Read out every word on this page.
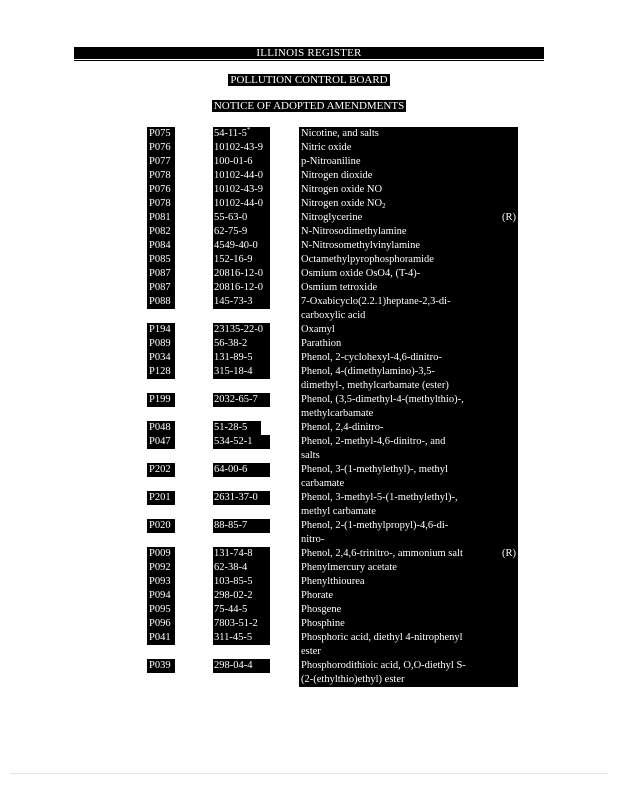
ILLINOIS REGISTER
POLLUTION CONTROL BOARD
NOTICE OF ADOPTED AMENDMENTS
P075	54-11-5*	Nicotine, and salts
P076	10102-43-9	Nitric oxide
P077	100-01-6	p-Nitroaniline
P078	10102-44-0	Nitrogen dioxide
P076	10102-43-9	Nitrogen oxide NO
P078	10102-44-0	Nitrogen oxide $NO_2$
P081	55-63-0	Nitroglycerine	(R)
P082	62-75-9	N-Nitrosodimethylamine
P084	4549-40-0	N-Nitrosomethylvinylamine
P085	152-16-9	Octamethylpyrophosphoramide
P087	20816-12-0	Osmium oxide OsO4, (T-4)-
P087	20816-12-0	Osmium tetroxide
P088	145-73-3	7-Oxabicyclo(2.2.1)heptane-2,3-di-
carboxylic acid
P194	23135-22-0	Oxamyl
P089	56-38-2	Parathion
P034	131-89-5	Phenol, 2-cyclohexyl-4,6-dinitro-
P128	315-18-4	Phenol, 4-(dimethylamino)-3,5-
dimethyl-, methylcarbamate (ester)
P199	2032-65-7	Phenol, (3,5-dimethyl-4-(methylthio)-,
methylcarbamate
P048	51-28-5	Phenol, 2,4-dinitro-
P047	534-52-1	Phenol, 2-methyl-4,6-dinitro-, and
salts
P202	64-00-6	Phenol, 3-(1-methylethyl)-, methyl
carbamate
P201	2631-37-0	Phenol, 3-methyl-5-(1-methylethyl)-,
methyl carbamate
P020	88-85-7	Phenol, 2-(1-methylpropyl)-4,6-di-
nitro-
P009	131-74-8	Phenol, 2,4,6-trinitro-, ammonium salt	(R)
P092	62-38-4	Phenylmercury acetate
P093	103-85-5	Phenylthiourea
P094	298-02-2	Phorate
P095	75-44-5	Phosgene
P096	7803-51-2	Phosphine
P041	311-45-5	Phosphoric acid, diethyl 4-nitrophenyl
ester
P039	298-04-4	Phosphorodithioic acid, O,O-diethyl S-
(2-(ethylthio)ethyl) ester
